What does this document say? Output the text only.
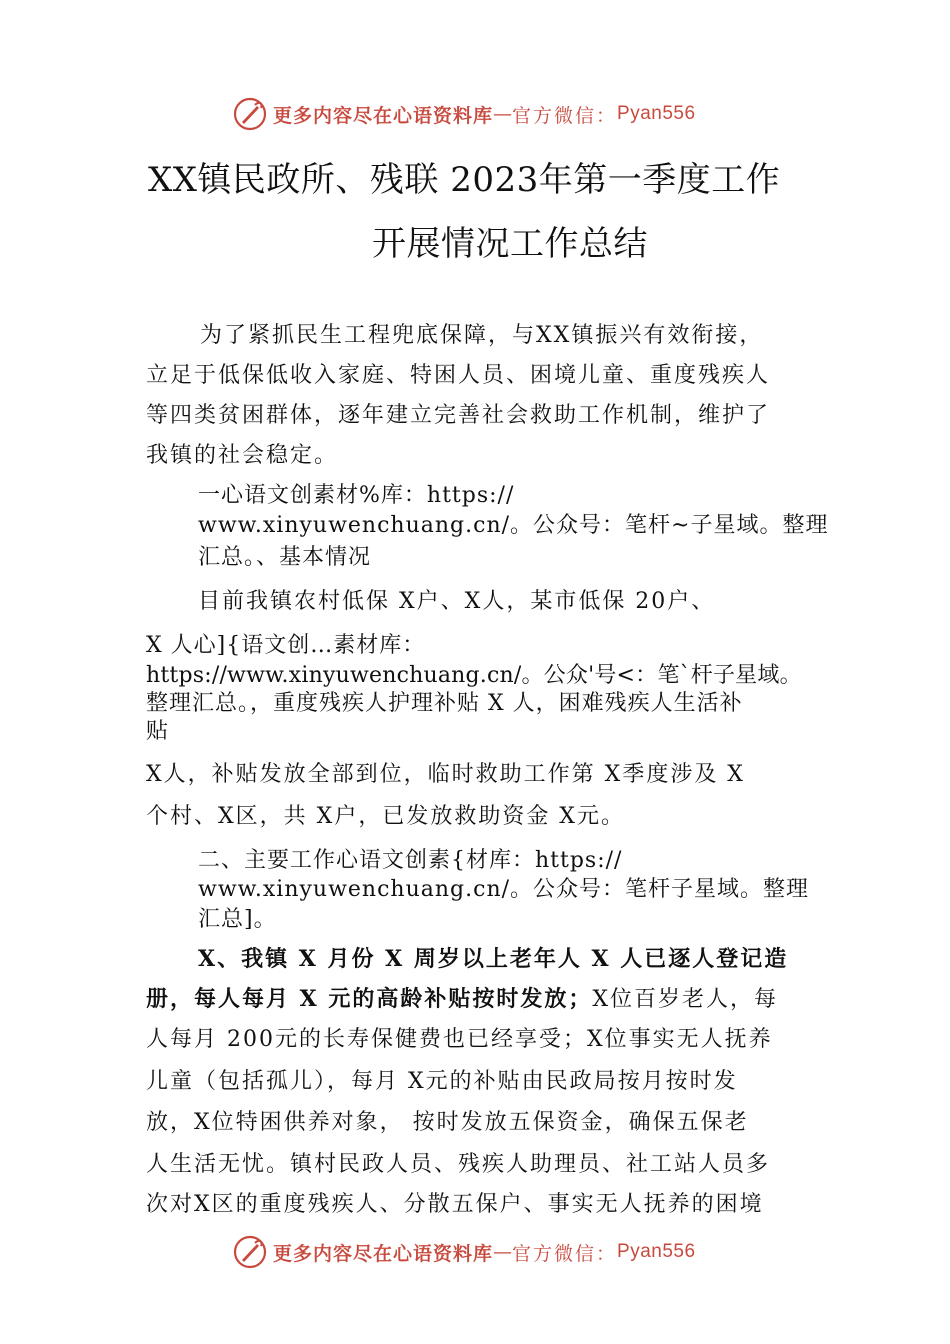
更多内容尽在心语资料库 — 官方微信： Pyan556
XX镇民政所、残联 2023年第一季度工作
开展情况工作总结
为了紧抓民生工程兜底保障，与XX镇振兴有效衔接，
立足于低保低收入家庭、特困人员、困境儿童、重度残疾人
等四类贫困群体，逐年建立完善社会救助工作机制，维护了
我镇的社会稳定。
一心语文创素材%库：https://
www.xinyuwenchuang.cn/。公众号：笔杆~子星域。整理
汇总。、基本情况
目前我镇农村低保 X户、X人，某市低保 20户、
X 人心]{语文创…素材库：
https://www.xinyuwenchuang.cn/。公众'号<：笔`杆子星域。
整理汇总。，重度残疾人护理补贴 X 人，困难残疾人生活补
贴
X人，补贴发放全部到位，临时救助工作第 X季度涉及 X
个村、X区，共 X户，已发放救助资金 X元。
二、主要工作心语文创素{材库：https://
www.xinyuwenchuang.cn/。公众号：笔杆子星域。整理
汇总]。
X、我镇 X 月份 X 周岁以上老年人 X 人已逐人登记造
册，每人每月 X 元的高龄补贴按时发放；X位百岁老人，每
人每月 200元的长寿保健费也已经享受；X位事实无人抚养
儿童（包括孤儿），每月 X元的补贴由民政局按月按时发
放，X位特困供养对象， 按时发放五保资金，确保五保老
人生活无忧。镇村民政人员、残疾人助理员、社工站人员多
次对X区的重度残疾人、分散五保户、事实无人抚养的困境
更多内容尽在心语资料库 — 官方微信： Pyan556
